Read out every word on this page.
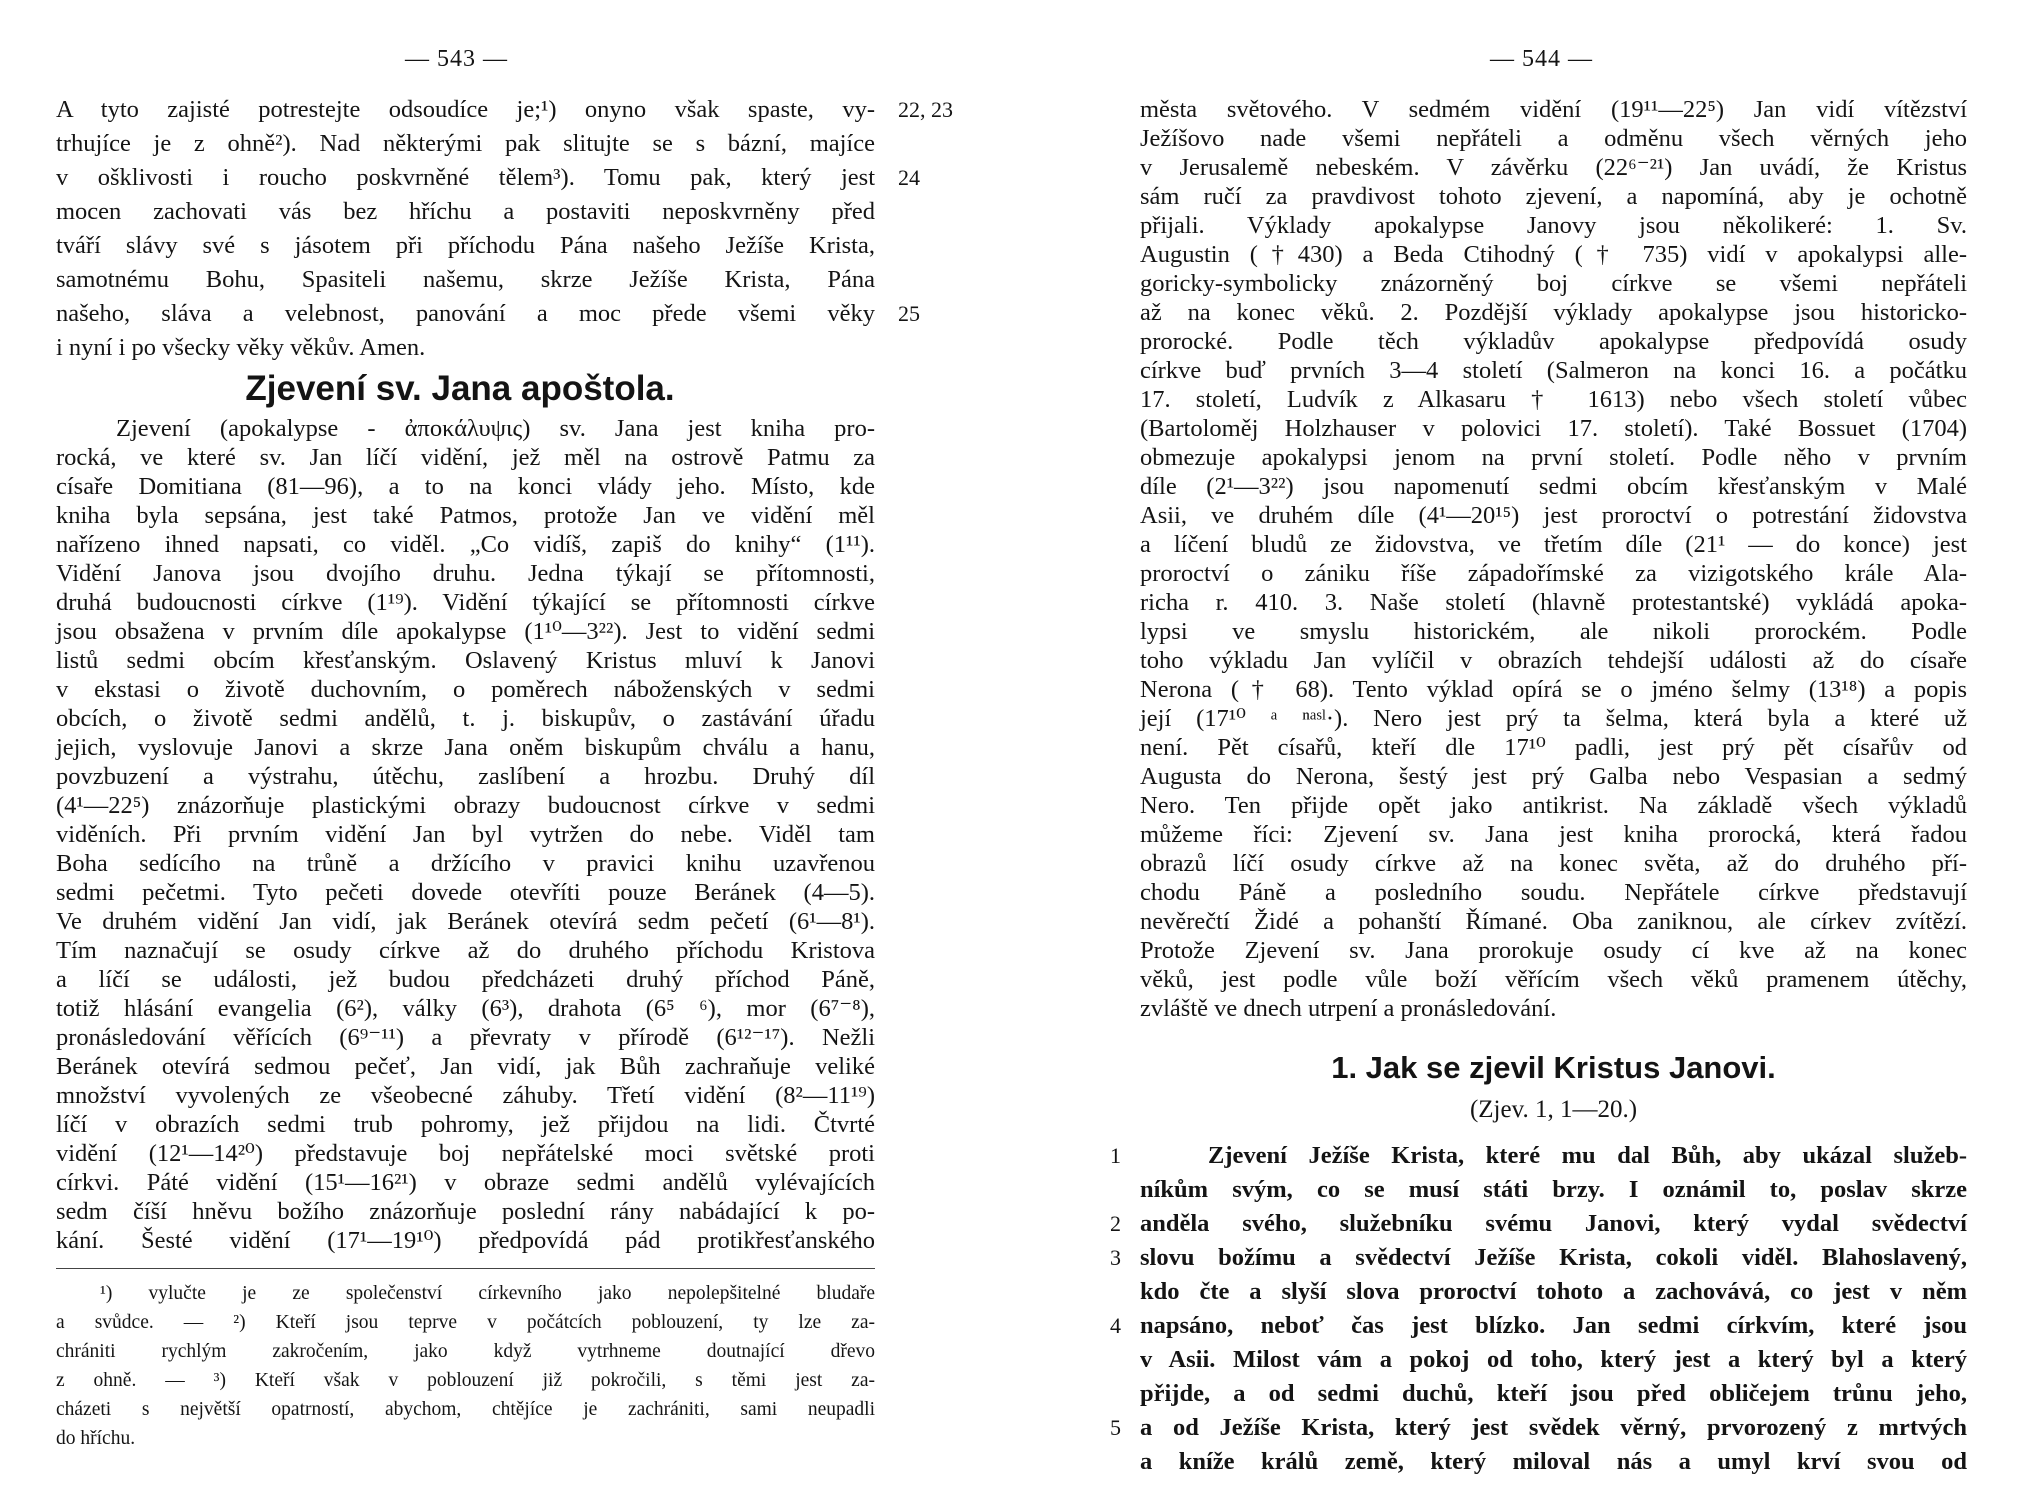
— 543 —
A tyto zajisté potrestejte odsoudíce je;¹) onyno však spaste, vy-
trhujíce je z ohně²). Nad některými pak slitujte se s bázní, majíce
v ošklivosti i roucho poskvrněné tělem³). Tomu pak, který jest
mocen zachovati vás bez hříchu a postaviti neposkvrněny před
tváří slávy své s jásotem při příchodu Pána našeho Ježíše Krista,
samotnému Bohu, Spasiteli našemu, skrze Ježíše Krista, Pána
našeho, sláva a velebnost, panování a moc přede všemi věky
i nyní i po všecky věky věkův. Amen.
22, 23
24
25
Zjevení sv. Jana apoštola.
Zjevení (apokalypse - ἀποκάλυψις) sv. Jana jest kniha pro-
rocká, ve které sv. Jan líčí vidění, jež měl na ostrově Patmu za
císaře Domitiana (81—96), a to na konci vlády jeho. Místo, kde
kniha byla sepsána, jest také Patmos, protože Jan ve vidění měl
nařízeno ihned napsati, co viděl. „Co vidíš, zapiš do knihy“ (1¹¹).
Vidění Janova jsou dvojího druhu. Jedna týkají se přítomnosti,
druhá budoucnosti církve (1¹⁹). Vidění týkající se přítomnosti církve
jsou obsažena v prvním díle apokalypse (1¹⁰—3²²). Jest to vidění sedmi
listů sedmi obcím křesťanským. Oslavený Kristus mluví k Janovi
v ekstasi o životě duchovním, o poměrech náboženských v sedmi
obcích, o životě sedmi andělů, t. j. biskupův, o zastávání úřadu
jejich, vyslovuje Janovi a skrze Jana oněm biskupům chválu a hanu,
povzbuzení a výstrahu, útěchu, zaslíbení a hrozbu. Druhý díl
(4¹—22⁵) znázorňuje plastickými obrazy budoucnost církve v sedmi
viděních. Při prvním vidění Jan byl vytržen do nebe. Viděl tam
Boha sedícího na trůně a držícího v pravici knihu uzavřenou
sedmi pečetmi. Tyto pečeti dovede otevříti pouze Beránek (4—5).
Ve druhém vidění Jan vidí, jak Beránek otevírá sedm pečetí (6¹—8¹).
Tím naznačují se osudy církve až do druhého příchodu Kristova
a líčí se události, jež budou předcházeti druhý příchod Páně,
totiž hlásání evangelia (6²), války (6³), drahota (6⁵ ⁶), mor (6⁷⁻⁸),
pronásledování věřících (6⁹⁻¹¹) a převraty v přírodě (6¹²⁻¹⁷). Nežli
Beránek otevírá sedmou pečeť, Jan vidí, jak Bůh zachraňuje veliké
množství vyvolených ze všeobecné záhuby. Třetí vidění (8²—11¹⁹)
líčí v obrazích sedmi trub pohromy, jež přijdou na lidi. Čtvrté
vidění (12¹—14²⁰) představuje boj nepřátelské moci světské proti
církvi. Páté vidění (15¹—16²¹) v obraze sedmi andělů vylévajících
sedm číší hněvu božího znázorňuje poslední rány nabádající k po-
kání. Šesté vidění (17¹—19¹⁰) předpovídá pád protikřesťanského
¹) vylučte je ze společenství církevního jako nepolepšitelné bludaře
a svůdce. — ²) Kteří jsou teprve v počátcích poblouzení, ty lze za-
chrániti rychlým zakročením, jako když vytrhneme doutnající dřevo
z ohně. — ³) Kteří však v poblouzení již pokročili, s těmi jest za-
cházeti s největší opatrností, abychom, chtějíce je zachrániti, sami neupadli
do hříchu.
— 544 —
města světového. V sedmém vidění (19¹¹—22⁵) Jan vidí vítězství
Ježíšovo nade všemi nepřáteli a odměnu všech věrných jeho
v Jerusalemě nebeském. V závěrku (22⁶⁻²¹) Jan uvádí, že Kristus
sám ručí za pravdivost tohoto zjevení, a napomíná, aby je ochotně
přijali. Výklady apokalypse Janovy jsou několikeré: 1. Sv.
Augustin (†430) a Beda Ctihodný († 735) vidí v apokalypsi alle-
goricky-symbolicky znázorněný boj církve se všemi nepřáteli
až na konec věků. 2. Pozdější výklady apokalypse jsou historicko-
prorocké. Podle těch výkladův apokalypse předpovídá osudy
církve buď prvních 3—4 století (Salmeron na konci 16. a počátku
17. století, Ludvík z Alkasaru † 1613) nebo všech století vůbec
(Bartoloměj Holzhauser v polovici 17. století). Také Bossuet (1704)
obmezuje apokalypsi jenom na první století. Podle něho v prvním
díle (2¹—3²²) jsou napomenutí sedmi obcím křesťanským v Malé
Asii, ve druhém díle (4¹—20¹⁵) jest proroctví o potrestání židovstva
a líčení bludů ze židovstva, ve třetím díle (21¹ — do konce) jest
proroctví o zániku říše západořímské za vizigotského krále Ala-
richa r. 410. 3. Naše století (hlavně protestantské) vykládá apoka-
lypsi ve smyslu historickém, ale nikoli prorockém. Podle
toho výkladu Jan vylíčil v obrazích tehdejší události až do císaře
Nerona († 68). Tento výklad opírá se o jméno šelmy (13¹⁸) a popis
její (17¹⁰ ᵃ ⁿᵃˢˡ·). Nero jest prý ta šelma, která byla a které už
není. Pět císařů, kteří dle 17¹⁰ padli, jest prý pět císařův od
Augusta do Nerona, šestý jest prý Galba nebo Vespasian a sedmý
Nero. Ten přijde opět jako antikrist. Na základě všech výkladů
můžeme říci: Zjevení sv. Jana jest kniha prorocká, která řadou
obrazů líčí osudy církve až na konec světa, až do druhého pří-
chodu Páně a posledního soudu. Nepřátele církve představují
nevěrečtí Židé a pohanští Římané. Oba zaniknou, ale církev zvítězí.
Protože Zjevení sv. Jana prorokuje osudy cí kve až na konec
věků, jest podle vůle boží věřícím všech věků pramenem útěchy,
zvláště ve dnech utrpení a pronásledování.
1. Jak se zjevil Kristus Janovi.
(Zjev. 1, 1—20.)
Zjevení Ježíše Krista, které mu dal Bůh, aby ukázal služeb-
níkům svým, co se musí státi brzy. I oznámil to, poslav skrze
anděla svého, služebníku svému Janovi, který vydal svědectví
slovu božímu a svědectví Ježíše Krista, cokoli viděl. Blahoslavený,
kdo čte a slyší slova proroctví tohoto a zachovává, co jest v něm
napsáno, neboť čas jest blízko. Jan sedmi církvím, které jsou
v Asii. Milost vám a pokoj od toho, který jest a který byl a který
přijde, a od sedmi duchů, kteří jsou před obličejem trůnu jeho,
a od Ježíše Krista, který jest svědek věrný, prvorozený z mrtvých
a kníže králů země, který miloval nás a umyl krví svou od
1
2
3
4
5
